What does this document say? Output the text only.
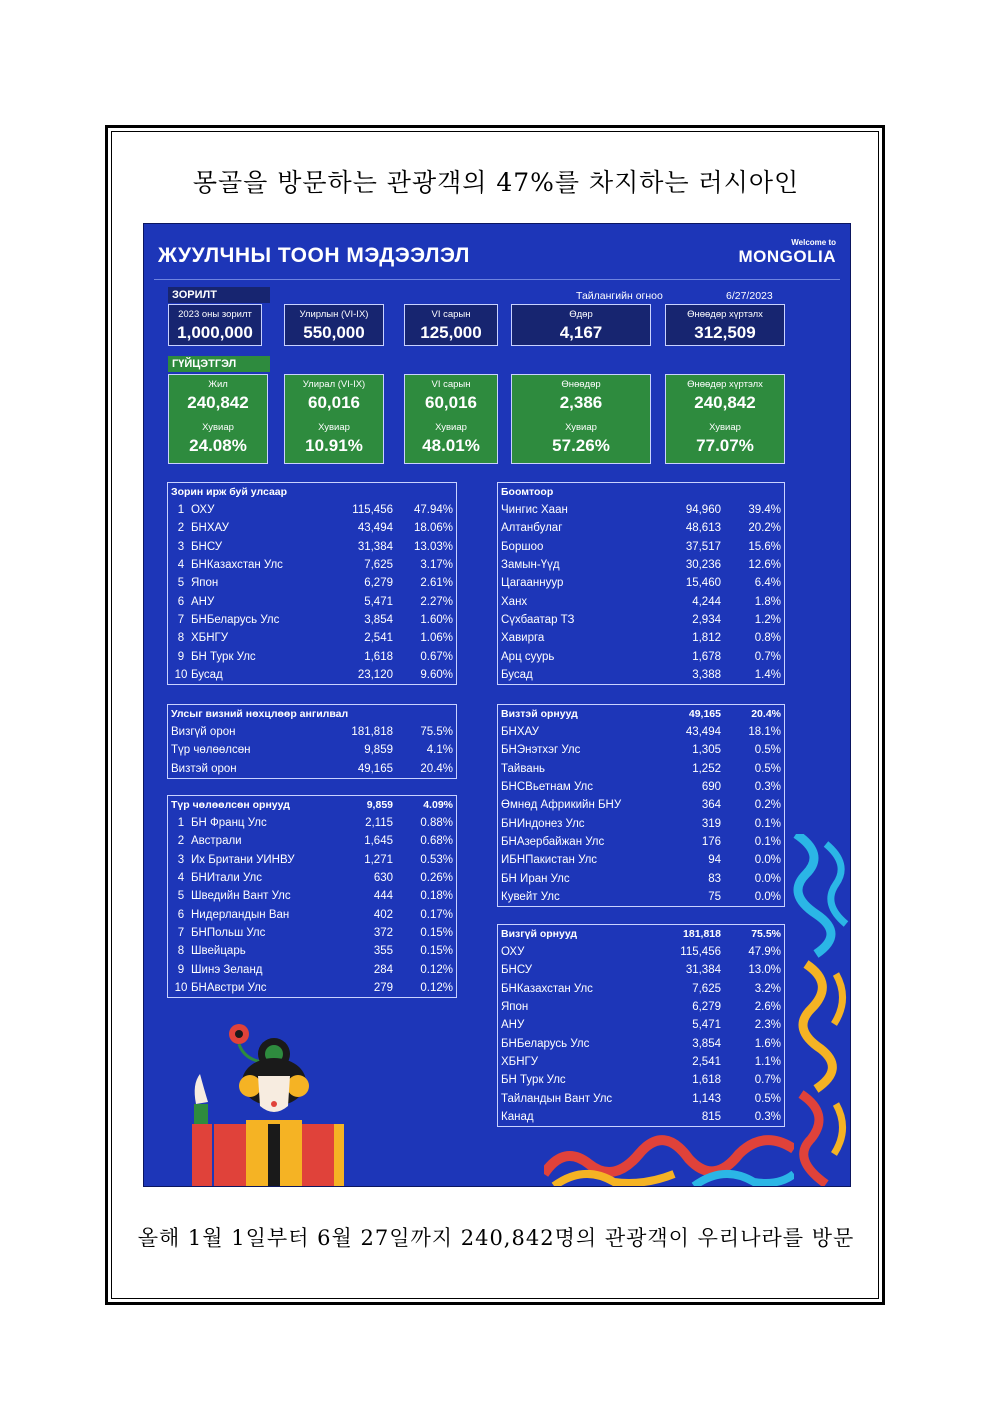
몽골을 방문하는 관광객의 47%를 차지하는 러시아인
ЖУУЛЧНЫ ТООН МЭДЭЭЛЭЛ
Welcome to
MONGOLIA
ЗОРИЛТ	Тайлангийн огноо	6/27/2023
2023 оны зорилт
1,000,000
Улирлын (VI-IX)
550,000
VI сарын
125,000
Өдөр
4,167
Өнөөдөр хүртэлх
312,509
ГҮЙЦЭТГЭЛ
Жил
240,842
Хувиар
24.08%
Улирал (VI-IX)
60,016
Хувиар
10.91%
VI сарын
60,016
Хувиар
48.01%
Өнөөдөр
2,386
Хувиар
57.26%
Өнөөдөр хүртэлх
240,842
Хувиар
77.07%
Зорин ирж буй улсаар
1 ОХУ	115,456	47.94%
2 БНХАУ	43,494	18.06%
3 БНСУ	31,384	13.03%
4 БНКазахстан Улс	7,625	3.17%
5 Япон	6,279	2.61%
6 АНУ	5,471	2.27%
7 БНБеларусь Улс	3,854	1.60%
8 ХБНГУ	2,541	1.06%
9 БН Турк Улс	1,618	0.67%
10 Бусад	23,120	9.60%
Боомтоор
Чингис Хаан	94,960	39.4%
Алтанбулаг	48,613	20.2%
Боршоо	37,517	15.6%
Замын-Үүд	30,236	12.6%
Цагааннуур	15,460	6.4%
Ханх	4,244	1.8%
Сүхбаатар ТЗ	2,934	1.2%
Хавирга	1,812	0.8%
Арц суурь	1,678	0.7%
Бусад	3,388	1.4%
Улсыг визний нөхцлөөр ангилвал
Визгүй орон	181,818	75.5%
Түр чөлөөлсөн	9,859	4.1%
Визтэй орон	49,165	20.4%
Түр чөлөөлсөн орнууд	9,859	4.09%
1 БН Франц Улс	2,115	0.88%
2 Австрали	1,645	0.68%
3 Их Британи УИНВУ	1,271	0.53%
4 БНИтали Улс	630	0.26%
5 Шведийн Вант Улс	444	0.18%
6 Нидерландын Ван	402	0.17%
7 БНПольш Улс	372	0.15%
8 Швейцарь	355	0.15%
9 Шинэ Зеланд	284	0.12%
10 БНАвстри Улс	279	0.12%
Визтэй орнууд	49,165	20.4%
БНХАУ	43,494	18.1%
БНЭнэтхэг Улс	1,305	0.5%
Тайвань	1,252	0.5%
БНСВьетнам Улс	690	0.3%
Өмнөд Африкийн БНУ	364	0.2%
БНИндонез Улс	319	0.1%
БНАзербайжан Улс	176	0.1%
ИБНПакистан Улс	94	0.0%
БН Иран Улс	83	0.0%
Кувейт Улс	75	0.0%
Визгүй орнууд	181,818	75.5%
ОХУ	115,456	47.9%
БНСУ	31,384	13.0%
БНКазахстан Улс	7,625	3.2%
Япон	6,279	2.6%
АНУ	5,471	2.3%
БНБеларусь Улс	3,854	1.6%
ХБНГУ	2,541	1.1%
БН Турк Улс	1,618	0.7%
Тайландын Вант Улс	1,143	0.5%
Канад	815	0.3%
올해 1월 1일부터 6월 27일까지 240,842명의 관광객이 우리나라를 방문
